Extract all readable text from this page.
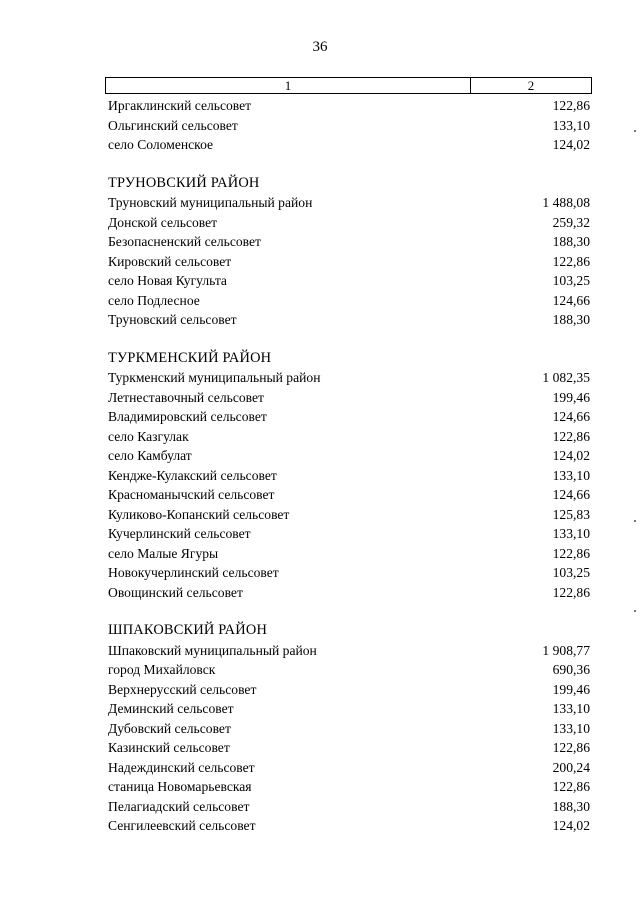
36
1	2
Иргаклинский сельсовет	122,86
Ольгинский сельсовет	133,10
село Соломенское	124,02
ТРУНОВСКИЙ РАЙОН
Труновский муниципальный район	1 488,08
Донской сельсовет	259,32
Безопасненский сельсовет	188,30
Кировский сельсовет	122,86
село Новая Кугульта	103,25
село Подлесное	124,66
Труновский сельсовет	188,30
ТУРКМЕНСКИЙ РАЙОН
Туркменский муниципальный район	1 082,35
Летнеставочный сельсовет	199,46
Владимировский сельсовет	124,66
село Казгулак	122,86
село Камбулат	124,02
Кендже-Кулакский сельсовет	133,10
Красноманычский сельсовет	124,66
Куликово-Копанский сельсовет	125,83
Кучерлинский сельсовет	133,10
село Малые Ягуры	122,86
Новокучерлинский сельсовет	103,25
Овощинский сельсовет	122,86
ШПАКОВСКИЙ РАЙОН
Шпаковский муниципальный район	1 908,77
город Михайловск	690,36
Верхнерусский сельсовет	199,46
Деминский сельсовет	133,10
Дубовский сельсовет	133,10
Казинский сельсовет	122,86
Надеждинский сельсовет	200,24
станица Новомарьевская	122,86
Пелагиадский сельсовет	188,30
Сенгилеевский сельсовет	124,02
